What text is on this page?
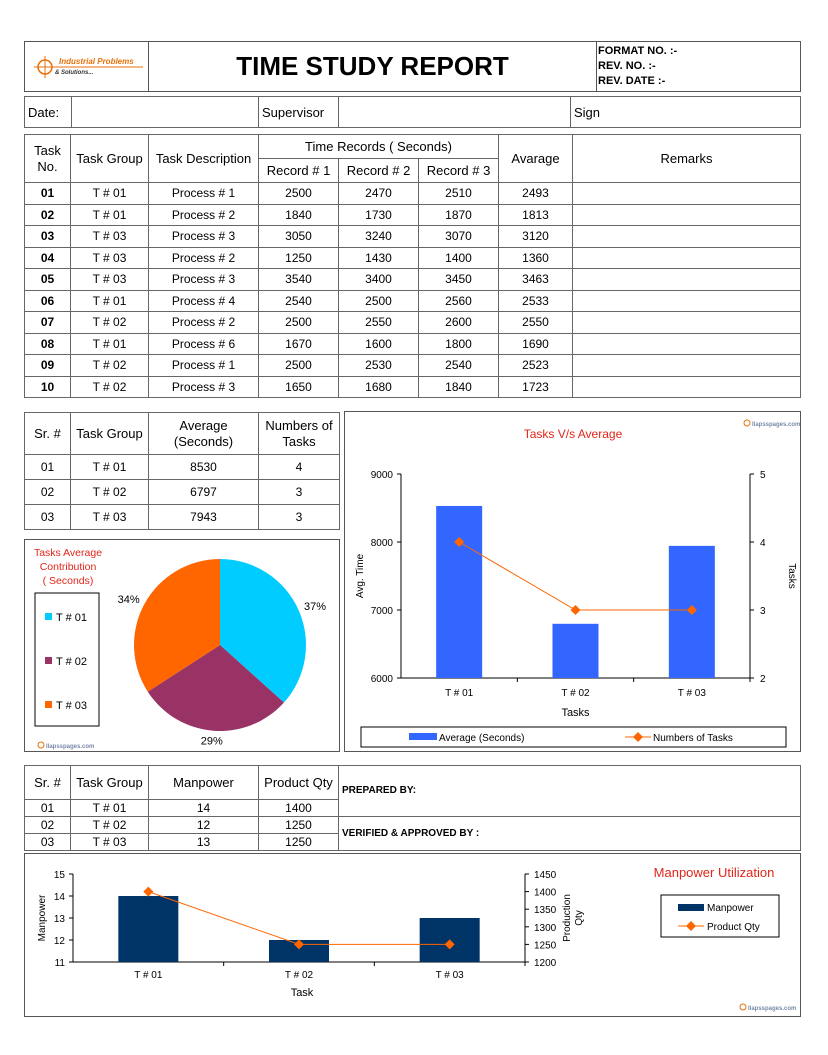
Industrial Problems
& Solutions...	TIME STUDY REPORT	FORMAT NO. :-
REV. NO. :-
REV. DATE :-
Date:		Supervisor		Sign
Task No.	Task Group	Task Description	Time Records ( Seconds)			Avarage	Remarks
			Record # 1	Record # 2	Record # 3		
01	T # 01	Process # 1	2500	2470	2510	2493	
02	T # 01	Process # 2	1840	1730	1870	1813	
03	T # 03	Process # 3	3050	3240	3070	3120	
04	T # 03	Process # 2	1250	1430	1400	1360	
05	T # 03	Process # 3	3540	3400	3450	3463	
06	T # 01	Process # 4	2540	2500	2560	2533	
07	T # 02	Process # 2	2500	2550	2600	2550	
08	T # 01	Process # 6	1670	1600	1800	1690	
09	T # 02	Process # 1	2500	2530	2540	2523	
10	T # 02	Process # 3	1650	1680	1840	1723	
Sr. #	Task Group	Average (Seconds)	Numbers of Tasks
01	T # 01	8530	4
02	T # 02	6797	3
03	T # 03	7943	3
Tasks V/s Average
Ilapsspages.com
6000
7000
8000
9000
2
3
4
5
T # 01	T # 02	T # 03
Tasks
Avg. Time	Tasks
Average (Seconds)	Numbers of Tasks
Tasks Average
Contribution
( Seconds)
T # 01
T # 02
T # 03
37%
29%
34%
Ilapsspages.com
Sr. #	Task Group	Manpower	Product Qty	PREPARED BY:
01	T # 01	14	1400	
02	T # 02	12	1250	VERIFIED & APPROVED BY :
03	T # 03	13	1250	
Manpower Utilization
Ilapsspages.com
11
12
13
14
15
1200
1250
1300
1350
1400
1450
T # 01	T # 02	T # 03
Task
Manpower	Production Qty
Manpower
Product Qty
